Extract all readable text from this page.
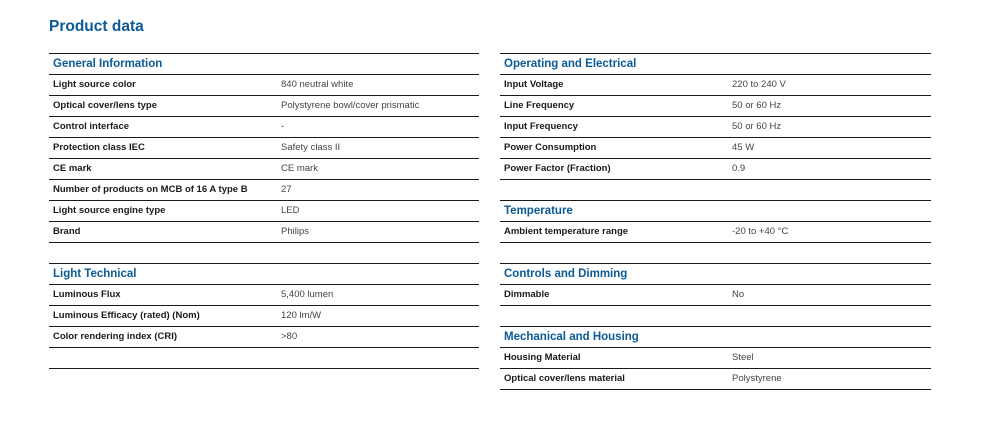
Product data
General Information
Light source color	840 neutral white
Optical cover/lens type	Polystyrene bowl/cover prismatic
Control interface	-
Protection class IEC	Safety class II
CE mark	CE mark
Number of products on MCB of 16 A type B	27
Light source engine type	LED
Brand	Philips
Light Technical
Luminous Flux	5,400 lumen
Luminous Efficacy (rated) (Nom)	120 lm/W
Color rendering index (CRI)	>80
Operating and Electrical
Input Voltage	220 to 240 V
Line Frequency	50 or 60 Hz
Input Frequency	50 or 60 Hz
Power Consumption	45 W
Power Factor (Fraction)	0.9
Temperature
Ambient temperature range	-20 to +40 °C
Controls and Dimming
Dimmable	No
Mechanical and Housing
Housing Material	Steel
Optical cover/lens material	Polystyrene
